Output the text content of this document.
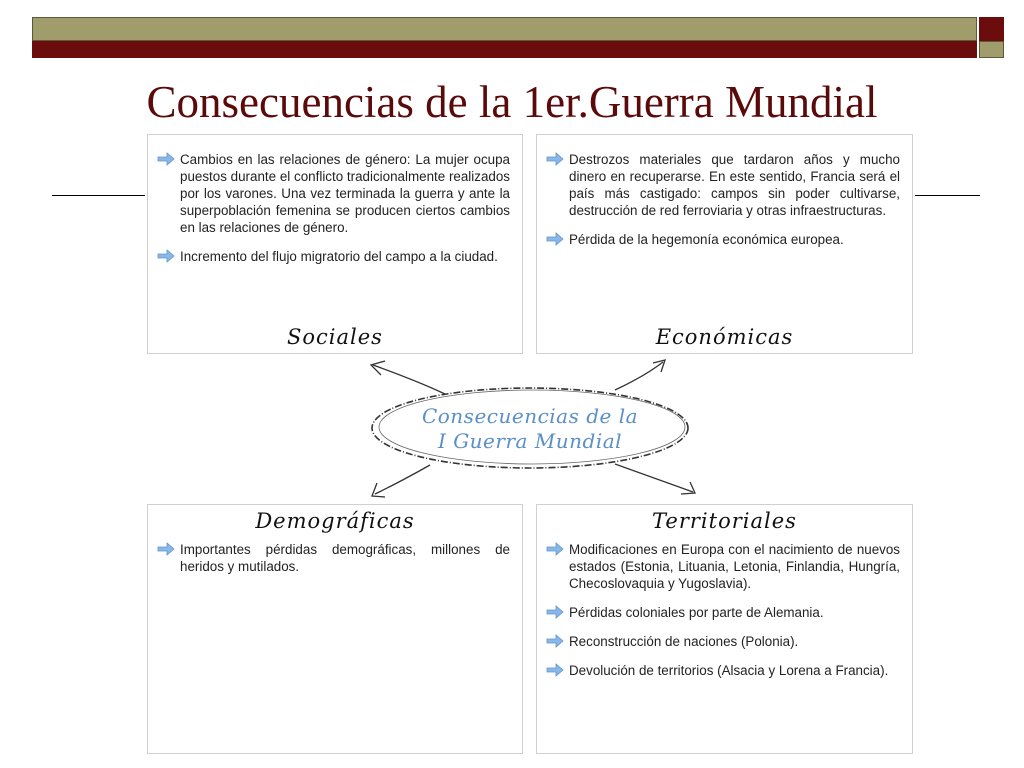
Consecuencias de la 1er.Guerra Mundial
Cambios en las relaciones de género: La mujer ocupa puestos durante el conflicto tradicionalmente realizados por los varones. Una vez terminada la guerra y ante la superpoblación femenina se producen ciertos cambios en las relaciones de género.
Incremento del flujo migratorio del campo a la ciudad.
Sociales
Destrozos materiales que tardaron años y mucho dinero en recuperarse. En este sentido, Francia será el país más castigado: campos sin poder cultivarse, destrucción de red ferroviaria y otras infraestructuras.
Pérdida de la hegemonía económica europea.
Económicas
Demográficas
Importantes pérdidas demográficas, millones de heridos y mutilados.
Territoriales
Modificaciones en Europa con el nacimiento de nuevos estados (Estonia, Lituania, Letonia, Finlandia, Hungría, Checoslovaquia y Yugoslavia).
Pérdidas coloniales por parte de Alemania.
Reconstrucción de naciones (Polonia).
Devolución de territorios (Alsacia y Lorena a Francia).
Consecuencias de la
I Guerra Mundial
